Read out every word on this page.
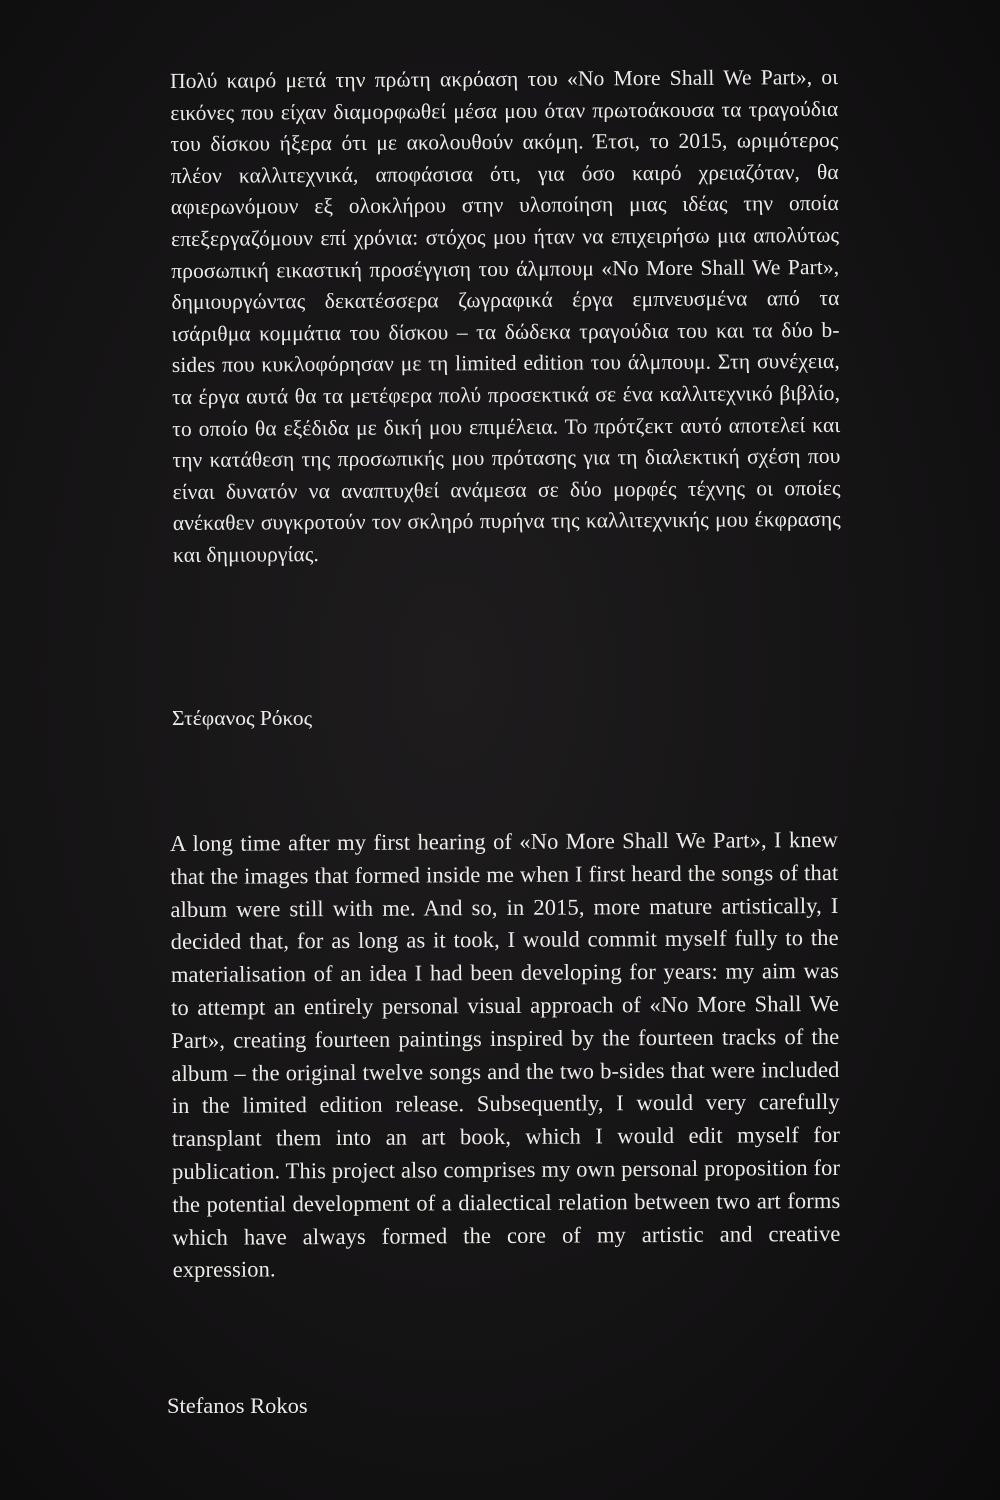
Πολύ καιρό μετά την πρώτη ακρόαση του «No More Shall We Part», οι εικόνες που είχαν διαμορφωθεί μέσα μου όταν πρωτοάκουσα τα τραγούδια του δίσκου ήξερα ότι με ακολουθούν ακόμη. Έτσι, το 2015, ωριμότερος πλέον καλλιτεχνικά, αποφάσισα ότι, για όσο καιρό χρειαζόταν, θα αφιερωνόμουν εξ ολοκλήρου στην υλοποίηση μιας ιδέας την οποία επεξεργαζόμουν επί χρόνια: στόχος μου ήταν να επιχειρήσω μια απολύτως προσωπική εικαστική προσέγγιση του άλμπουμ «No More Shall We Part», δημιουργώντας δεκατέσσερα ζωγραφικά έργα εμπνευσμένα από τα ισάριθμα κομμάτια του δίσκου – τα δώδεκα τραγούδια του και τα δύο b-sides που κυκλοφόρησαν με τη limited edition του άλμπουμ. Στη συνέχεια, τα έργα αυτά θα τα μετέφερα πολύ προσεκτικά σε ένα καλλιτεχνικό βιβλίο, το οποίο θα εξέδιδα με δική μου επιμέλεια. Το πρότζεκτ αυτό αποτελεί και την κατάθεση της προσωπικής μου πρότασης για τη διαλεκτική σχέση που είναι δυνατόν να αναπτυχθεί ανάμεσα σε δύο μορφές τέχνης οι οποίες ανέκαθεν συγκροτούν τον σκληρό πυρήνα της καλλιτεχνικής μου έκφρασης και δημιουργίας.

Στέφανος Ρόκος

A long time after my first hearing of «No More Shall We Part», I knew that the images that formed inside me when I first heard the songs of that album were still with me. And so, in 2015, more mature artistically, I decided that, for as long as it took, I would commit myself fully to the materialisation of an idea I had been developing for years: my aim was to attempt an entirely personal visual approach of «No More Shall We Part», creating fourteen paintings inspired by the fourteen tracks of the album – the original twelve songs and the two b-sides that were included in the limited edition release. Subsequently, I would very carefully transplant them into an art book, which I would edit myself for publication. This project also comprises my own personal proposition for the potential development of a dialectical relation between two art forms which have always formed the core of my artistic and creative expression.

Stefanos Rokos
